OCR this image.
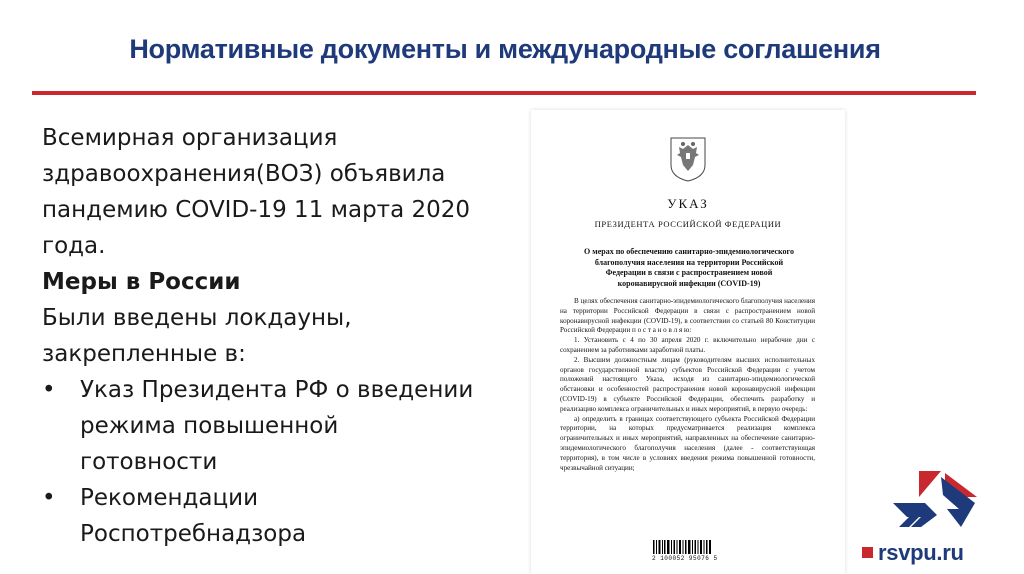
Нормативные документы и международные соглашения

Всемирная организация

здравоохранения(ВОЗ) объявила

пандемию COVID-19 11 марта 2020

года.

Меры в России

Были введены локдауны,

закрепленные в:

• Указ Президента РФ о введении
режима повышенной
готовности
• Рекомендации
Роспотребнадзора
УКАЗ
ПРЕЗИДЕНТА РОССИЙСКОЙ ФЕДЕРАЦИИ
О мерах по обеспечению санитарно-эпидемиологического
благополучия населения на территории Российской
Федерации в связи с распространением новой
коронавирусной инфекции (COVID-19)

В целях обеспечения санитарно-эпидемиологического благополучия населения на территории Российской Федерации в связи с распространением новой коронавирусной инфекции (COVID-19), в соответствии со статьей 80 Конституции Российской Федерации п о с т а н о в л я ю:

1. Установить с 4 по 30 апреля 2020 г. включительно нерабочие дни с сохранением за работниками заработной платы.

2. Высшим должностным лицам (руководителям высших исполнительных органов государственной власти) субъектов Российской Федерации с учетом положений настоящего Указа, исходя из санитарно-эпидемиологической обстановки и особенностей распространения новой коронавирусной инфекции (COVID-19) в субъекте Российской Федерации, обеспечить разработку и реализацию комплекса ограничительных и иных мероприятий, в первую очередь:

а) определить в границах соответствующего субъекта Российской Федерации территории, на которых предусматривается реализация комплекса ограничительных и иных мероприятий, направленных на обеспечение санитарно-эпидемиологического благополучия населения (далее - соответствующая территория), в том числе в условиях введения режима повышенной готовности, чрезвычайной ситуации;

2 100052 95076 5	rsvpu.ru
